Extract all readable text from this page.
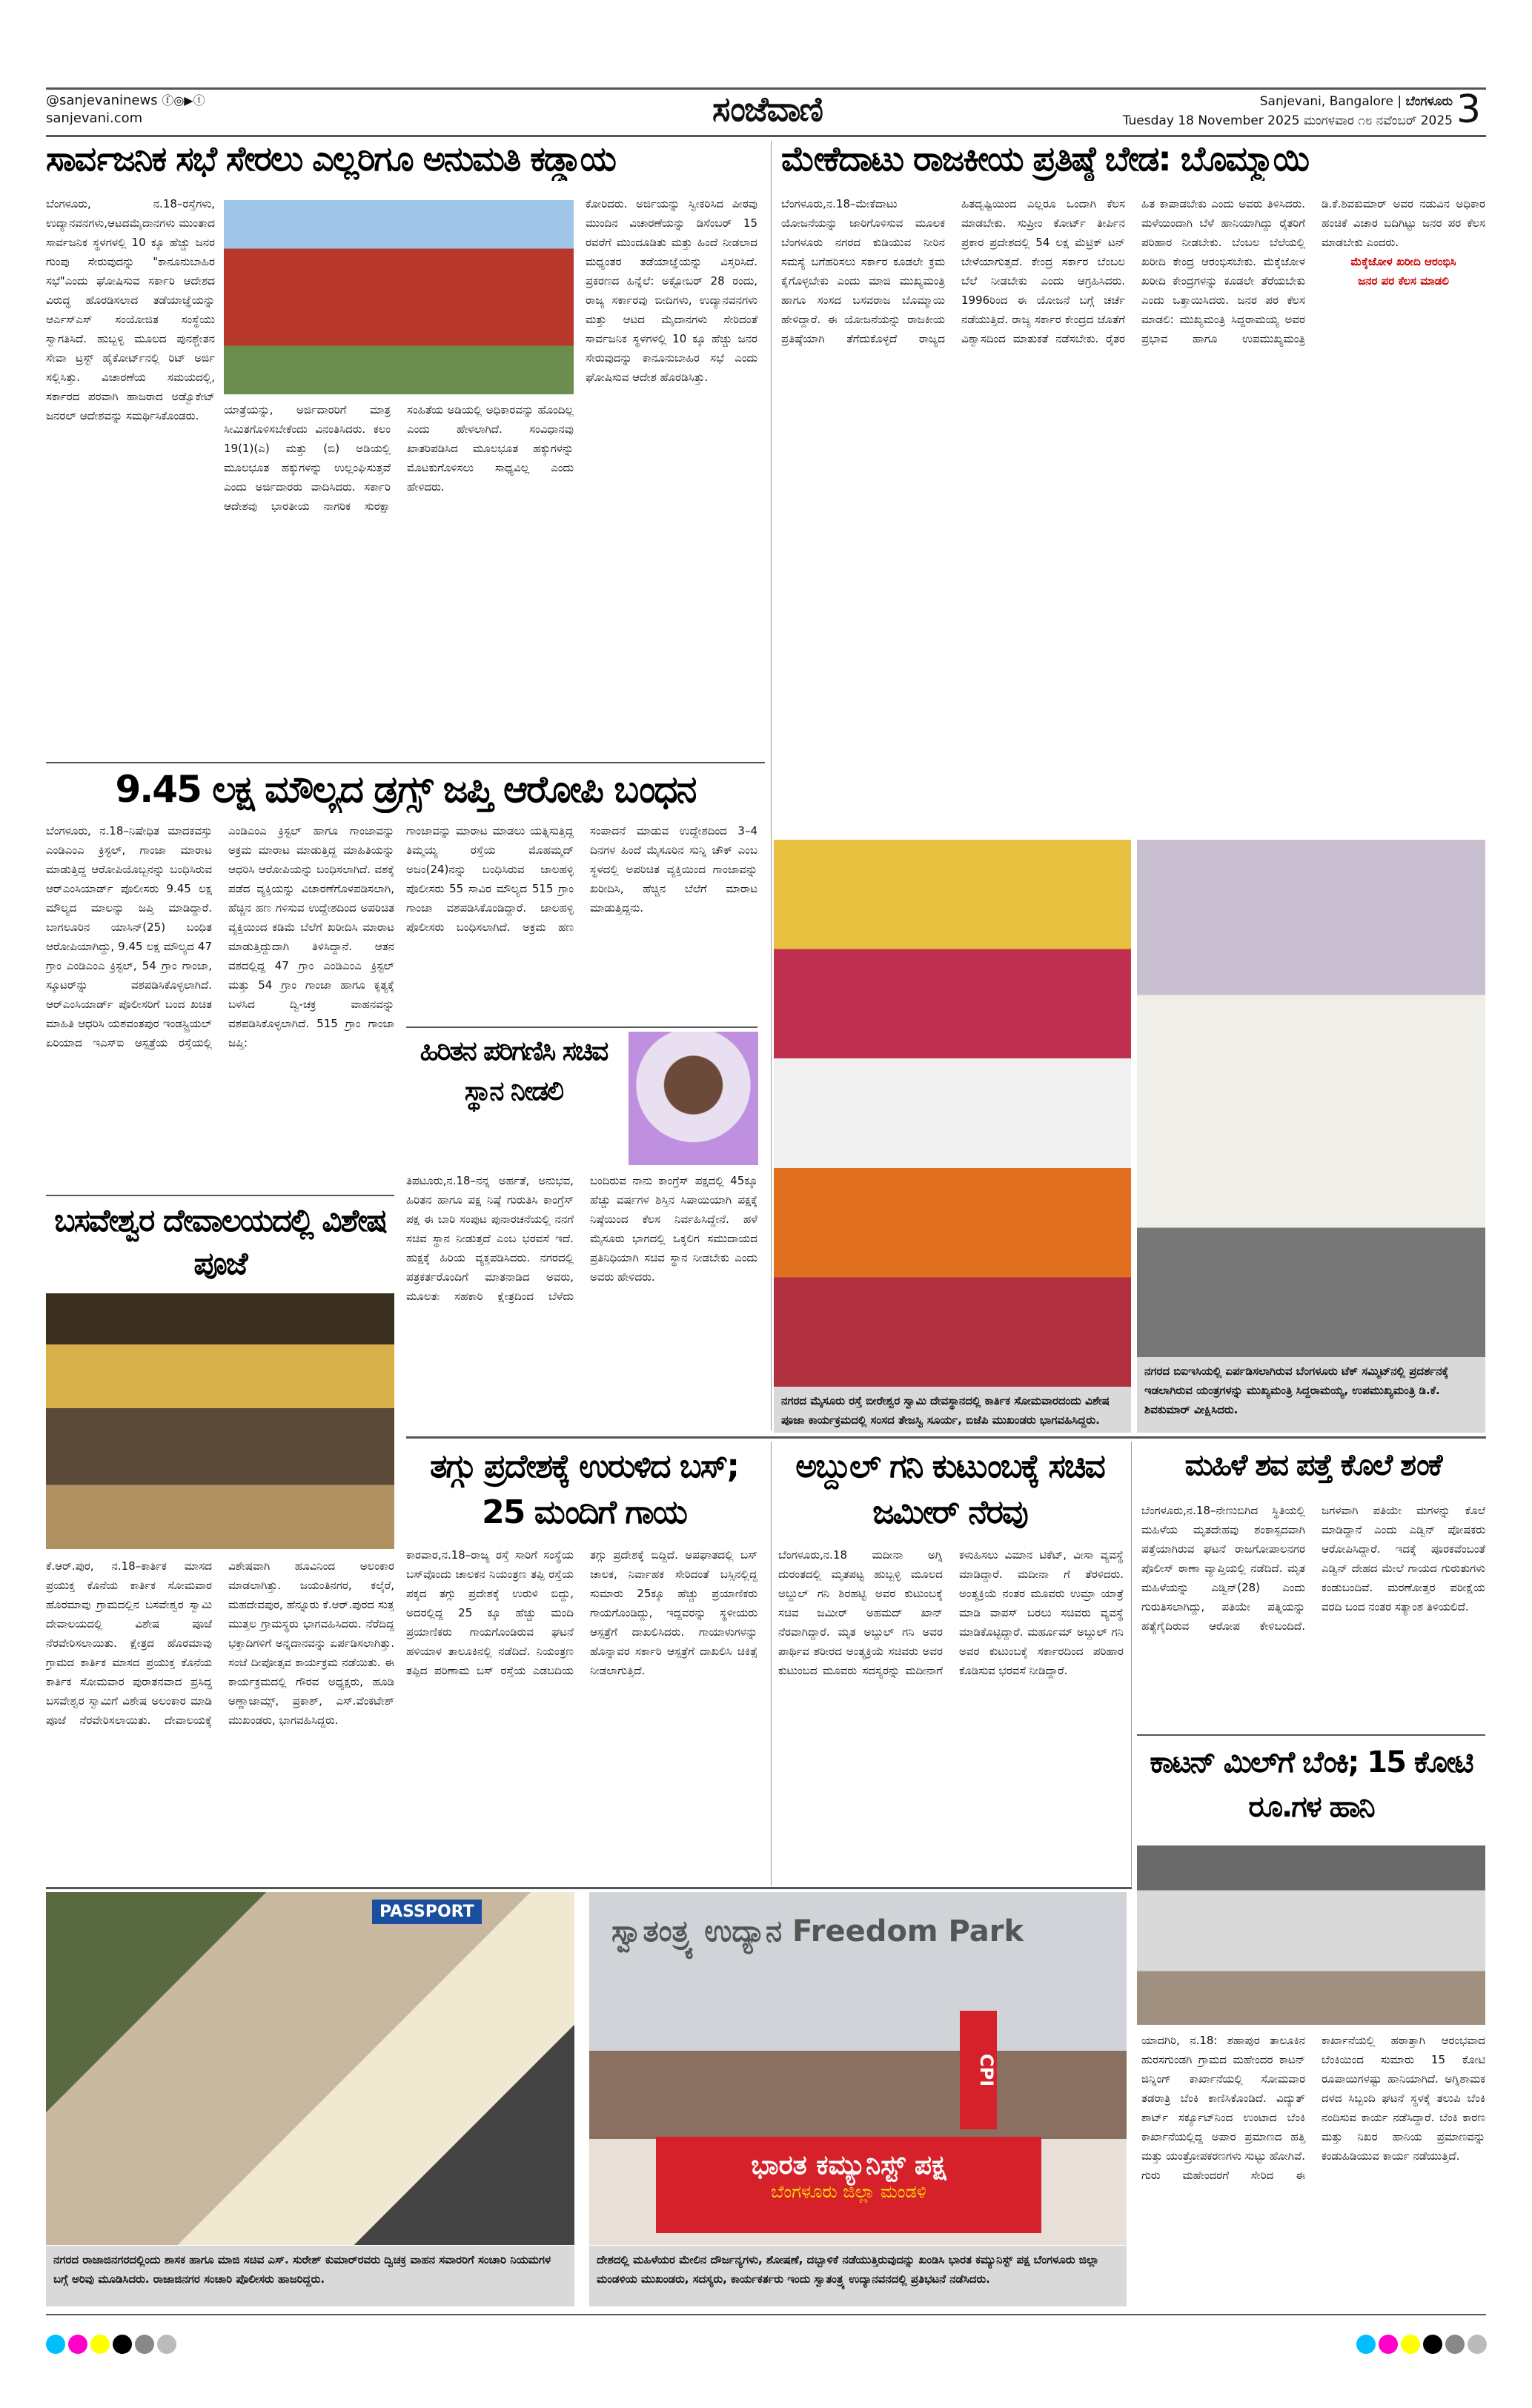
@sanjevaninews ⓕ◎▶ⓣ
sanjevani.com	ಸಂಜೆವಾಣಿ	Sanjevani, Bangalore | ಬೆಂಗಳೂರು
Tuesday 18 November 2025 ಮಂಗಳವಾರ ೧೮ ನವೆಂಬರ್ 2025 3
ಸಾರ್ವಜನಿಕ ಸಭೆ ಸೇರಲು ಎಲ್ಲರಿಗೂ ಅನುಮತಿ ಕಡ್ಡಾಯ
ಬೆಂಗಳೂರು, ನ.18–ರಸ್ತೆಗಳು, ಉದ್ಯಾನವನಗಳು,ಆಟದಮೈದಾನಗಳು ಮುಂತಾದ ಸಾರ್ವಜನಿಕ ಸ್ಥಳಗಳಲ್ಲಿ 10 ಕ್ಕೂ ಹೆಚ್ಚು ಜನರ ಗುಂಪು ಸೇರುವುದನ್ನು "ಕಾನೂನುಬಾಹಿರ ಸಭೆ"ಎಂದು ಘೋಷಿಸುವ ಸರ್ಕಾರಿ ಆದೇಶದ ವಿರುದ್ಧ ಹೊರಡಿಸಲಾದ ತಡೆಯಾಜ್ಞೆಯನ್ನು ಆರ್ಎಸ್ಎಸ್ ಸಂಯೋಜಿತ ಸಂಸ್ಥೆಯು ಸ್ವಾಗತಿಸಿದೆ. ಹುಬ್ಬಳ್ಳಿ ಮೂಲದ ಪುನಶ್ಚೇತನ ಸೇವಾ ಟ್ರಸ್ಟ್ ಹೈಕೋರ್ಟ್‌ನಲ್ಲಿ ರಿಟ್ ಅರ್ಜಿ ಸಲ್ಲಿಸಿತ್ತು. ವಿಚಾರಣೆಯ ಸಮಯದಲ್ಲಿ, ಸರ್ಕಾರದ ಪರವಾಗಿ ಹಾಜರಾದ ಅಡ್ವೊಕೇಟ್ ಜನರಲ್ ಆದೇಶವನ್ನು ಸಮರ್ಥಿಸಿಕೊಂಡರು.	ಯಾತ್ರೆಯನ್ನು, ಅರ್ಜಿದಾರರಿಗೆ ಮಾತ್ರ ಸೀಮಿತಗೊಳಿಸಬೇಕೆಂದು ವಿನಂತಿಸಿದರು. ಕಲಂ 19(1)(ಎ) ಮತ್ತು (ಬಿ) ಅಡಿಯಲ್ಲಿ ಮೂಲಭೂತ ಹಕ್ಕುಗಳನ್ನು ಉಲ್ಲಂಘಿಸುತ್ತವೆ ಎಂದು ಅರ್ಜಿದಾರರು ವಾದಿಸಿದರು. ಸರ್ಕಾರಿ ಆದೇಶವು ಭಾರತೀಯ ನಾಗರಿಕ ಸುರಕ್ಷಾ ಸಂಹಿತೆಯ ಅಡಿಯಲ್ಲಿ ಅಧಿಕಾರವನ್ನು ಹೊಂದಿಲ್ಲ ಎಂದು ಹೇಳಲಾಗಿದೆ. ಸಂವಿಧಾನವು ಖಾತರಿಪಡಿಸಿದ ಮೂಲಭೂತ ಹಕ್ಕುಗಳನ್ನು ಮೊಟಕುಗೊಳಿಸಲು ಸಾಧ್ಯವಿಲ್ಲ ಎಂದು ಹೇಳಿದರು.
ಕೋರಿದರು. ಅರ್ಜಿಯನ್ನು ಸ್ವೀಕರಿಸಿದ ಪೀಠವು ಮುಂದಿನ ವಿಚಾರಣೆಯನ್ನು ಡಿಸೆಂಬರ್ 15 ರವರೆಗೆ ಮುಂದೂಡಿತು ಮತ್ತು ಹಿಂದೆ ನೀಡಲಾದ ಮಧ್ಯಂತರ ತಡೆಯಾಜ್ಞೆಯನ್ನು ವಿಸ್ತರಿಸಿದೆ. ಪ್ರಕರಣದ ಹಿನ್ನೆಲೆ: ಅಕ್ಟೋಬರ್ 28 ರಂದು, ರಾಜ್ಯ ಸರ್ಕಾರವು ಬೀದಿಗಳು, ಉದ್ಯಾನವನಗಳು ಮತ್ತು ಆಟದ ಮೈದಾನಗಳು ಸೇರಿದಂತೆ ಸಾರ್ವಜನಿಕ ಸ್ಥಳಗಳಲ್ಲಿ 10 ಕ್ಕೂ ಹೆಚ್ಚು ಜನರ ಸೇರುವುದನ್ನು ಕಾನೂನುಬಾಹಿರ ಸಭೆ ಎಂದು ಘೋಷಿಸುವ ಆದೇಶ ಹೊರಡಿಸಿತ್ತು.
ಮೇಕೆದಾಟು ರಾಜಕೀಯ ಪ್ರತಿಷ್ಠೆ ಬೇಡ: ಬೊಮ್ಮಾಯಿ
ಬೆಂಗಳೂರು,ನ.18–ಮೇಕೆದಾಟು ಯೋಜನೆಯನ್ನು ಜಾರಿಗೊಳಿಸುವ ಮೂಲಕ ಬೆಂಗಳೂರು ನಗರದ ಕುಡಿಯುವ ನೀರಿನ ಸಮಸ್ಯೆ ಬಗೆಹರಿಸಲು ಸರ್ಕಾರ ಕೂಡಲೇ ಕ್ರಮ ಕೈಗೊಳ್ಳಬೇಕು ಎಂದು ಮಾಜಿ ಮುಖ್ಯಮಂತ್ರಿ ಹಾಗೂ ಸಂಸದ ಬಸವರಾಜ ಬೊಮ್ಮಾಯಿ ಹೇಳಿದ್ದಾರೆ. ಈ ಯೋಜನೆಯನ್ನು ರಾಜಕೀಯ ಪ್ರತಿಷ್ಠೆಯಾಗಿ ತೆಗೆದುಕೊಳ್ಳದೆ ರಾಜ್ಯದ ಹಿತದೃಷ್ಟಿಯಿಂದ ಎಲ್ಲರೂ ಒಂದಾಗಿ ಕೆಲಸ ಮಾಡಬೇಕು. ಸುಪ್ರೀಂ ಕೋರ್ಟ್ ತೀರ್ಪಿನ ಪ್ರಕಾರ ಪ್ರದೇಶದಲ್ಲಿ 54 ಲಕ್ಷ ಮೆಟ್ರಿಕ್ ಟನ್ ಬೇಳೆಯಾಗುತ್ತದೆ. ಕೇಂದ್ರ ಸರ್ಕಾರ ಬೆಂಬಲ ಬೆಲೆ ನೀಡಬೇಕು ಎಂದು ಆಗ್ರಹಿಸಿದರು. 1996ರಿಂದ ಈ ಯೋಜನೆ ಬಗ್ಗೆ ಚರ್ಚೆ ನಡೆಯುತ್ತಿದೆ. ರಾಜ್ಯ ಸರ್ಕಾರ ಕೇಂದ್ರದ ಜೊತೆಗೆ ವಿಶ್ವಾಸದಿಂದ ಮಾತುಕತೆ ನಡೆಸಬೇಕು. ರೈತರ ಹಿತ ಕಾಪಾಡಬೇಕು ಎಂದು ಅವರು ತಿಳಿಸಿದರು. ಮಳೆಯಿಂದಾಗಿ ಬೆಳೆ ಹಾನಿಯಾಗಿದ್ದು ರೈತರಿಗೆ ಪರಿಹಾರ ನೀಡಬೇಕು. ಬೆಂಬಲ ಬೆಲೆಯಲ್ಲಿ ಖರೀದಿ ಕೇಂದ್ರ ಆರಂಭಿಸಬೇಕು. ಮೆಕ್ಕೆಜೋಳ ಖರೀದಿ ಕೇಂದ್ರಗಳನ್ನು ಕೂಡಲೇ ತೆರೆಯಬೇಕು ಎಂದು ಒತ್ತಾಯಿಸಿದರು. ಜನರ ಪರ ಕೆಲಸ ಮಾಡಲಿ: ಮುಖ್ಯಮಂತ್ರಿ ಸಿದ್ದರಾಮಯ್ಯ ಅವರ ಪ್ರಭಾವ ಹಾಗೂ ಉಪಮುಖ್ಯಮಂತ್ರಿ ಡಿ.ಕೆ.ಶಿವಕುಮಾರ್ ಅವರ ನಡುವಿನ ಅಧಿಕಾರ ಹಂಚಿಕೆ ವಿಚಾರ ಬದಿಗಿಟ್ಟು ಜನರ ಪರ ಕೆಲಸ ಮಾಡಬೇಕು ಎಂದರು.
ಮೆಕ್ಕೆಜೋಳ ಖರೀದಿ ಆರಂಭಿಸಿ
ಜನರ ಪರ ಕೆಲಸ ಮಾಡಲಿ
9.45 ಲಕ್ಷ ಮೌಲ್ಯದ ಡ್ರಗ್ಸ್ ಜಪ್ತಿ ಆರೋಪಿ ಬಂಧನ
ಬೆಂಗಳೂರು, ನ.18–ನಿಷೇಧಿತ ಮಾದಕವಸ್ತು ಎಂಡಿಎಂಎ ಕ್ರಿಸ್ಟಲ್, ಗಾಂಜಾ ಮಾರಾಟ ಮಾಡುತ್ತಿದ್ದ ಆರೋಪಿಯೊಬ್ಬನನ್ನು ಬಂಧಿಸಿರುವ ಆರ್‌ಎಂಸಿಯಾರ್ಡ್ ಪೊಲೀಸರು 9.45 ಲಕ್ಷ ಮೌಲ್ಯದ ಮಾಲನ್ನು ಜಪ್ತಿ ಮಾಡಿದ್ದಾರೆ. ಬಾಗಲೂರಿನ ಯಾಸಿನ್(25) ಬಂಧಿತ ಆರೋಪಿಯಾಗಿದ್ದು, 9.45 ಲಕ್ಷ ಮೌಲ್ಯದ 47 ಗ್ರಾಂ ಎಂಡಿಎಂಎ ಕ್ರಿಸ್ಟಲ್, 54 ಗ್ರಾಂ ಗಾಂಜಾ, ಸ್ಕೂಟರ್‌ನ್ನು ವಶಪಡಿಸಿಕೊಳ್ಳಲಾಗಿದೆ. ಆರ್‌ಎಂಸಿಯಾರ್ಡ್ ಪೊಲೀಸರಿಗೆ ಬಂದ ಖಚಿತ ಮಾಹಿತಿ ಆಧರಿಸಿ ಯಶವಂತಪುರ ಇಂಡಸ್ಟ್ರಿಯಲ್ ಏರಿಯಾದ ಇಎಸ್‌ಐ ಆಸ್ಪತ್ರೆಯ ರಸ್ತೆಯಲ್ಲಿ ಎಂಡಿಎಂಎ ಕ್ರಿಸ್ಟಲ್ ಹಾಗೂ ಗಾಂಜಾವನ್ನು ಅಕ್ರಮ ಮಾರಾಟ ಮಾಡುತ್ತಿದ್ದ ಮಾಹಿತಿಯನ್ನು ಆಧರಿಸಿ ಆರೋಪಿಯನ್ನು ಬಂಧಿಸಲಾಗಿದೆ. ವಶಕ್ಕೆ ಪಡೆದ ವ್ಯಕ್ತಿಯನ್ನು ವಿಚಾರಣೆಗೊಳಪಡಿಸಲಾಗಿ, ಹೆಚ್ಚಿನ ಹಣ ಗಳಿಸುವ ಉದ್ದೇಶದಿಂದ ಅಪರಿಚಿತ ವ್ಯಕ್ತಿಯಿಂದ ಕಡಿಮೆ ಬೆಲೆಗೆ ಖರೀದಿಸಿ ಮಾರಾಟ ಮಾಡುತ್ತಿದ್ದುದಾಗಿ ತಿಳಿಸಿದ್ದಾನೆ. ಆತನ ವಶದಲ್ಲಿದ್ದ 47 ಗ್ರಾಂ ಎಂಡಿಎಂಎ ಕ್ರಿಸ್ಟಲ್ ಮತ್ತು 54 ಗ್ರಾಂ ಗಾಂಜಾ ಹಾಗೂ ಕೃತ್ಯಕ್ಕೆ ಬಳಸಿದ ದ್ವಿ-ಚಕ್ರ ವಾಹನವನ್ನು ವಶಪಡಿಸಿಕೊಳ್ಳಲಾಗಿದೆ. 515 ಗ್ರಾಂ ಗಾಂಜಾ ಜಪ್ತಿ:
ಗಾಂಜಾವನ್ನು ಮಾರಾಟ ಮಾಡಲು ಯತ್ನಿಸುತ್ತಿದ್ದ ತಿಮ್ಮಯ್ಯ ರಸ್ತೆಯ ಮೊಹಮ್ಮದ್ ಅಜಂ(24)ನನ್ನು ಬಂಧಿಸಿರುವ ಜಾಲಹಳ್ಳಿ ಪೊಲೀಸರು 55 ಸಾವಿರ ಮೌಲ್ಯದ 515 ಗ್ರಾಂ ಗಾಂಜಾ ವಶಪಡಿಸಿಕೊಂಡಿದ್ದಾರೆ. ಜಾಲಹಳ್ಳಿ ಪೊಲೀಸರು ಬಂಧಿಸಲಾಗಿದೆ. ಅಕ್ರಮ ಹಣ ಸಂಪಾದನೆ ಮಾಡುವ ಉದ್ದೇಶದಿಂದ 3–4 ದಿನಗಳ ಹಿಂದೆ ಮೈಸೂರಿನ ಸುನ್ನಿ ಚೌಕ್ ಎಂಬ ಸ್ಥಳದಲ್ಲಿ ಅಪರಿಚಿತ ವ್ಯಕ್ತಿಯಿಂದ ಗಾಂಜಾವನ್ನು ಖರೀದಿಸಿ, ಹೆಚ್ಚಿನ ಬೆಲೆಗೆ ಮಾರಾಟ ಮಾಡುತ್ತಿದ್ದನು.
ಹಿರಿತನ ಪರಿಗಣಿಸಿ ಸಚಿವ ಸ್ಥಾನ ನೀಡಲಿ
ತಿಪಟೂರು,ನ.18–ನನ್ನ ಅರ್ಹತೆ, ಅನುಭವ, ಹಿರಿತನ ಹಾಗೂ ಪಕ್ಷ ನಿಷ್ಠೆ ಗುರುತಿಸಿ ಕಾಂಗ್ರೆಸ್ ಪಕ್ಷ ಈ ಬಾರಿ ಸಂಪುಟ ಪುನಾರಚನೆಯಲ್ಲಿ ನನಗೆ ಸಚಿವ ಸ್ಥಾನ ನೀಡುತ್ತದೆ ಎಂಬ ಭರವಸೆ ಇದೆ. ಹುಕ್ಷಕ್ಕೆ ಹಿರಿಯ ವ್ಯಕ್ತಪಡಿಸಿದರು. ನಗರದಲ್ಲಿ ಪತ್ರಕರ್ತರೊಂದಿಗೆ ಮಾತನಾಡಿದ ಅವರು, ಮೂಲತಃ ಸಹಕಾರಿ ಕ್ಷೇತ್ರದಿಂದ ಬೆಳೆದು ಬಂದಿರುವ ನಾನು ಕಾಂಗ್ರೆಸ್ ಪಕ್ಷದಲ್ಲಿ 45ಕ್ಕೂ ಹೆಚ್ಚು ವರ್ಷಗಳ ಶಿಸ್ತಿನ ಸಿಪಾಯಿಯಾಗಿ ಪಕ್ಷಕ್ಕೆ ನಿಷ್ಠೆಯಿಂದ ಕೆಲಸ ನಿರ್ವಹಿಸಿದ್ದೇನೆ. ಹಳೆ ಮೈಸೂರು ಭಾಗದಲ್ಲಿ ಒಕ್ಕಲಿಗ ಸಮುದಾಯದ ಪ್ರತಿನಿಧಿಯಾಗಿ ಸಚಿವ ಸ್ಥಾನ ನೀಡಬೇಕು ಎಂದು ಅವರು ಹೇಳಿದರು.
ಬಸವೇಶ್ವರ ದೇವಾಲಯದಲ್ಲಿ ವಿಶೇಷ ಪೂಜೆ
ಕೆ.ಆರ್.ಪುರ, ನ.18–ಕಾರ್ತಿಕ ಮಾಸದ ಪ್ರಯುಕ್ತ ಕೊನೆಯ ಕಾರ್ತಿಕ ಸೋಮವಾರ ಹೊರಮಾವು ಗ್ರಾಮದಲ್ಲಿನ ಬಸವೇಶ್ವರ ಸ್ವಾಮಿ ದೇವಾಲಯದಲ್ಲಿ ವಿಶೇಷ ಪೂಜೆ ನೆರವೇರಿಸಲಾಯಿತು. ಕ್ಷೇತ್ರದ ಹೊರಮಾವು ಗ್ರಾಮದ ಕಾರ್ತಿಕ ಮಾಸದ ಪ್ರಯುಕ್ತ ಕೊನೆಯ ಕಾರ್ತಿಕ ಸೋಮವಾರ ಪುರಾತನವಾದ ಪ್ರಸಿದ್ಧ ಬಸವೇಶ್ವರ ಸ್ವಾಮಿಗೆ ವಿಶೇಷ ಅಲಂಕಾರ ಮಾಡಿ ಪೂಜೆ ನೆರವೇರಿಸಲಾಯಿತು. ದೇವಾಲಯಕ್ಕೆ ವಿಶೇಷವಾಗಿ ಹೂವಿನಿಂದ ಅಲಂಕಾರ ಮಾಡಲಾಗಿತ್ತು. ಜಯಂತಿನಗರ, ಕಲ್ಕೆರೆ, ಮಹದೇವಪುರ, ಹೆನ್ನೂರು ಕೆ.ಆರ್.ಪುರದ ಸುತ್ತ ಮುತ್ತಲ ಗ್ರಾಮಸ್ಥರು ಭಾಗವಹಿಸಿದರು. ನೆರೆದಿದ್ದ ಭಕ್ತಾದಿಗಳಿಗೆ ಅನ್ನದಾನವನ್ನು ಏರ್ಪಡಿಸಲಾಗಿತ್ತು. ಸಂಜೆ ದೀಪೋತ್ಸವ ಕಾರ್ಯಕ್ರಮ ನಡೆಯಿತು. ಈ ಕಾರ್ಯಕ್ರಮದಲ್ಲಿ ಗೌರವ ಅಧ್ಯಕ್ಷರು, ಹೂಡಿ ಅಣ್ಣಾಜಾಮ್ಸ್, ಪ್ರಕಾಶ್, ಎಸ್.ವೆಂಕಟೇಶ್ ಮುಖಂಡರು, ಭಾಗವಹಿಸಿದ್ದರು.
ನಗರದ ಮೈಸೂರು ರಸ್ತೆ ಬೀರೇಶ್ವರ ಸ್ವಾಮಿ ದೇವಸ್ಥಾನದಲ್ಲಿ ಕಾರ್ತಿಕ ಸೋಮವಾರದಂದು ವಿಶೇಷ ಪೂಜಾ ಕಾರ್ಯಕ್ರಮದಲ್ಲಿ ಸಂಸದ ತೇಜಸ್ವಿ ಸೂರ್ಯ, ಬಿಜೆಪಿ ಮುಖಂಡರು ಭಾಗವಹಿಸಿದ್ದರು.
ನಗರದ ಬಿಐಇಸಿಯಲ್ಲಿ ಏರ್ಪಡಿಸಲಾಗಿರುವ ಬೆಂಗಳೂರು ಟೆಕ್ ಸಮ್ಮಿಟ್‌ನಲ್ಲಿ ಪ್ರದರ್ಶನಕ್ಕೆ ಇಡಲಾಗಿರುವ ಯಂತ್ರಗಳನ್ನು ಮುಖ್ಯಮಂತ್ರಿ ಸಿದ್ದರಾಮಯ್ಯ, ಉಪಮುಖ್ಯಮಂತ್ರಿ ಡಿ.ಕೆ. ಶಿವಕುಮಾರ್ ವೀಕ್ಷಿಸಿದರು.
ತಗ್ಗು ಪ್ರದೇಶಕ್ಕೆ ಉರುಳಿದ ಬಸ್; 25 ಮಂದಿಗೆ ಗಾಯ
ಕಾರವಾರ,ನ.18–ರಾಜ್ಯ ರಸ್ತೆ ಸಾರಿಗೆ ಸಂಸ್ಥೆಯ ಬಸ್‌ವೊಂದು ಚಾಲಕನ ನಿಯಂತ್ರಣ ತಪ್ಪಿ ರಸ್ತೆಯ ಪಕ್ಕದ ತಗ್ಗು ಪ್ರದೇಶಕ್ಕೆ ಉರುಳಿ ಬಿದ್ದು, ಅದರಲ್ಲಿದ್ದ 25 ಕ್ಕೂ ಹೆಚ್ಚು ಮಂದಿ ಪ್ರಯಾಣಿಕರು ಗಾಯಗೊಂಡಿರುವ ಘಟನೆ ಹಳಿಯಾಳ ತಾಲೂಕಿನಲ್ಲಿ ನಡೆದಿದೆ. ನಿಯಂತ್ರಣ ತಪ್ಪಿದ ಪರಿಣಾಮ ಬಸ್ ರಸ್ತೆಯ ಎಡಬದಿಯ ತಗ್ಗು ಪ್ರದೇಶಕ್ಕೆ ಬಿದ್ದಿದೆ. ಅಪಘಾತದಲ್ಲಿ ಬಸ್ ಚಾಲಕ, ನಿರ್ವಾಹಕ ಸೇರಿದಂತೆ ಬಸ್ಸಿನಲ್ಲಿದ್ದ ಸುಮಾರು 25ಕ್ಕೂ ಹೆಚ್ಚು ಪ್ರಯಾಣಿಕರು ಗಾಯಗೊಂಡಿದ್ದು, ಇದ್ದವರನ್ನು ಸ್ಥಳೀಯರು ಆಸ್ಪತ್ರೆಗೆ ದಾಖಲಿಸಿದರು. ಗಾಯಾಳುಗಳನ್ನು ಹೊನ್ನಾವರ ಸರ್ಕಾರಿ ಆಸ್ಪತ್ರೆಗೆ ದಾಖಲಿಸಿ ಚಿಕಿತ್ಸೆ ನೀಡಲಾಗುತ್ತಿದೆ.
ಅಬ್ದುಲ್ ಗನಿ ಕುಟುಂಬಕ್ಕೆ ಸಚಿವ ಜಮೀರ್ ನೆರವು
ಬೆಂಗಳೂರು,ನ.18 ಮದೀನಾ ಅಗ್ನಿ ದುರಂತದಲ್ಲಿ ಮೃತಪಟ್ಟ ಹುಬ್ಬಳ್ಳಿ ಮೂಲದ ಅಬ್ದುಲ್ ಗನಿ ಶಿರಹಟ್ಟಿ ಅವರ ಕುಟುಂಬಕ್ಕೆ ಸಚಿವ ಜಮೀರ್ ಅಹಮದ್ ಖಾನ್ ನೆರವಾಗಿದ್ದಾರೆ. ಮೃತ ಅಬ್ದುಲ್ ಗನಿ ಅವರ ಪಾರ್ಥಿವ ಶರೀರದ ಅಂತ್ಯಕ್ರಿಯೆ ಸಚಿವರು ಅವರ ಕುಟುಂಬದ ಮೂವರು ಸದಸ್ಯರನ್ನು ಮದೀನಾಗೆ ಕಳುಹಿಸಲು ವಿಮಾನ ಟಿಕೆಟ್, ವೀಸಾ ವ್ಯವಸ್ಥೆ ಮಾಡಿದ್ದಾರೆ. ಮದೀನಾ ಗೆ ತೆರಳಿದರು. ಅಂತ್ಯಕ್ರಿಯೆ ನಂತರ ಮೂವರು ಉಮ್ರಾ ಯಾತ್ರೆ ಮಾಡಿ ವಾಪಸ್ ಬರಲು ಸಚಿವರು ವ್ಯವಸ್ಥೆ ಮಾಡಿಕೊಟ್ಟಿದ್ದಾರೆ. ಮರ್ಹೂಮ್ ಅಬ್ದುಲ್ ಗನಿ ಅವರ ಕುಟುಂಬಕ್ಕೆ ಸರ್ಕಾರದಿಂದ ಪರಿಹಾರ ಕೊಡಿಸುವ ಭರವಸೆ ನೀಡಿದ್ದಾರೆ.
ಮಹಿಳೆ ಶವ ಪತ್ತೆ ಕೊಲೆ ಶಂಕೆ
ಬೆಂಗಳೂರು,ನ.18–ನೇಣುಬಿಗಿದ ಸ್ಥಿತಿಯಲ್ಲಿ ಮಹಿಳೆಯ ಮೃತದೇಹವು ಶಂಕಾಸ್ಪದವಾಗಿ ಪತ್ತೆಯಾಗಿರುವ ಘಟನೆ ರಾಜಗೋಪಾಲನಗರ ಪೊಲೀಸ್ ಠಾಣಾ ವ್ಯಾಪ್ತಿಯಲ್ಲಿ ನಡೆದಿದೆ. ಮೃತ ಮಹಿಳೆಯನ್ನು ಎಡ್ವಿನ್(28) ಎಂದು ಗುರುತಿಸಲಾಗಿದ್ದು, ಪತಿಯೇ ಪತ್ನಿಯನ್ನು ಹತ್ಯೆಗೈದಿರುವ ಆರೋಪ ಕೇಳಿಬಂದಿದೆ. ಜಗಳವಾಗಿ ಪತಿಯೇ ಮಗಳನ್ನು ಕೊಲೆ ಮಾಡಿದ್ದಾನೆ ಎಂದು ಎಡ್ವಿನ್ ಪೋಷಕರು ಆರೋಪಿಸಿದ್ದಾರೆ. ಇದಕ್ಕೆ ಪೂರಕವೆಂಬಂತೆ ಎಡ್ವಿನ್ ದೇಹದ ಮೇಲೆ ಗಾಯದ ಗುರುತುಗಳು ಕಂಡುಬಂದಿವೆ. ಮರಣೋತ್ತರ ಪರೀಕ್ಷೆಯ ವರದಿ ಬಂದ ನಂತರ ಸತ್ಯಾಂಶ ತಿಳಿಯಲಿದೆ.
ಕಾಟನ್ ಮಿಲ್‌ಗೆ ಬೆಂಕಿ; 15 ಕೋಟಿ ರೂ.ಗಳ ಹಾನಿ
ಯಾದಗಿರಿ, ನ.18: ಶಹಾಪುರ ತಾಲೂಕಿನ ಹುರಸಗುಂಡಗಿ ಗ್ರಾಮದ ಮಹೇಂದರ ಕಾಟನ್ ಜಿನ್ನಿಂಗ್ ಕಾರ್ಖಾನೆಯಲ್ಲಿ ಸೋಮವಾರ ತಡರಾತ್ರಿ ಬೆಂಕಿ ಕಾಣಿಸಿಕೊಂಡಿದೆ. ವಿದ್ಯುತ್ ಶಾರ್ಟ್ ಸರ್ಕ್ಯೂಟ್‌ನಿಂದ ಉಂಟಾದ ಬೆಂಕಿ ಕಾರ್ಖಾನೆಯಲ್ಲಿದ್ದ ಅಪಾರ ಪ್ರಮಾಣದ ಹತ್ತಿ ಮತ್ತು ಯಂತ್ರೋಪಕರಣಗಳು ಸುಟ್ಟು ಹೋಗಿವೆ. ಗುರು ಮಹೇಂದರಗೆ ಸೇರಿದ ಈ ಕಾರ್ಖಾನೆಯಲ್ಲಿ ಹಠಾತ್ತಾಗಿ ಆರಂಭವಾದ ಬೆಂಕಿಯಿಂದ ಸುಮಾರು 15 ಕೋಟಿ ರೂಪಾಯಿಗಳಷ್ಟು ಹಾನಿಯಾಗಿದೆ. ಅಗ್ನಿಶಾಮಕ ದಳದ ಸಿಬ್ಬಂದಿ ಘಟನೆ ಸ್ಥಳಕ್ಕೆ ತಲುಪಿ ಬೆಂಕಿ ನಂದಿಸುವ ಕಾರ್ಯ ನಡೆಸಿದ್ದಾರೆ. ಬೆಂಕಿ ಕಾರಣ ಮತ್ತು ನಿಖರ ಹಾನಿಯ ಪ್ರಮಾಣವನ್ನು ಕಂಡುಹಿಡಿಯುವ ಕಾರ್ಯ ನಡೆಯುತ್ತಿದೆ.
PASSPORT
ನಗರದ ರಾಜಾಜಿನಗರದಲ್ಲಿಂದು ಶಾಸಕ ಹಾಗೂ ಮಾಜಿ ಸಚಿವ ಎಸ್. ಸುರೇಶ್ ಕುಮಾರ್‌ರವರು ದ್ವಿಚಕ್ರ ವಾಹನ ಸವಾರರಿಗೆ ಸಂಚಾರಿ ನಿಯಮಗಳ ಬಗ್ಗೆ ಅರಿವು ಮೂಡಿಸಿದರು. ರಾಜಾಜಿನಗರ ಸಂಚಾರಿ ಪೊಲೀಸರು ಹಾಜರಿದ್ದರು.
ಸ್ವಾತಂತ್ರ್ಯ ಉದ್ಯಾನ Freedom Park
ಭಾರತ ಕಮ್ಯುನಿಸ್ಟ್ ಪಕ್ಷ
ಬೆಂಗಳೂರು ಜಿಲ್ಲಾ ಮಂಡಳಿ
CPI
ದೇಶದಲ್ಲಿ ಮಹಿಳೆಯರ ಮೇಲಿನ ದೌರ್ಜನ್ಯಗಳು, ಶೋಷಣೆ, ದಬ್ಬಾಳಿಕೆ ನಡೆಯುತ್ತಿರುವುದನ್ನು ಖಂಡಿಸಿ ಭಾರತ ಕಮ್ಯುನಿಸ್ಟ್ ಪಕ್ಷ ಬೆಂಗಳೂರು ಜಿಲ್ಲಾ ಮಂಡಳಿಯ ಮುಖಂಡರು, ಸದಸ್ಯರು, ಕಾರ್ಯಕರ್ತರು ಇಂದು ಸ್ವಾತಂತ್ರ್ಯ ಉದ್ಯಾನವನದಲ್ಲಿ ಪ್ರತಿಭಟನೆ ನಡೆಸಿದರು.
